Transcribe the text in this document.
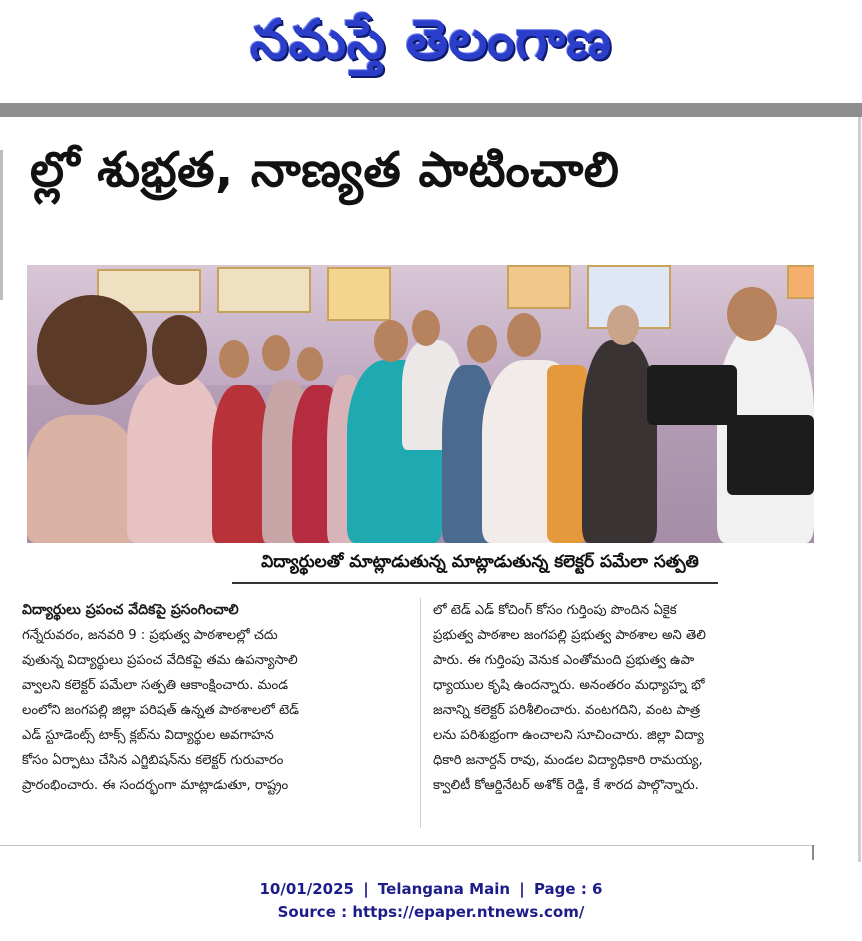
నమస్తే తెలంగాణ
ల్లో శుభ్రత, నాణ్యత పాటించాలి
విద్యార్థులతో మాట్లాడుతున్న మాట్లాడుతున్న కలెక్టర్‌ పమేలా సత్పతి
విద్యార్థులు ప్రపంచ వేదికపై ప్రసంగించాలి
గన్నేరువరం, జనవరి 9 : ప్రభుత్వ పాఠశాలల్లో చదు
వుతున్న విద్యార్థులు ప్రపంచ వేదికపై తమ ఉపన్యాసాలి
వ్వాలని కలెక్టర్‌ పమేలా సత్పతి ఆకాంక్షించారు. మండ
లంలోని జంగపల్లి జిల్లా పరిషత్‌ ఉన్నత పాఠశాలలో టెడ్‌
ఎడ్‌ స్టూడెంట్స్‌ టాక్స్‌ క్లబ్‌ను విద్యార్థుల అవగాహన
కోసం ఏర్పాటు చేసిన ఎగ్జిబిషన్‌ను కలెక్టర్‌ గురువారం
ప్రారంభించారు. ఈ సందర్భంగా మాట్లాడుతూ, రాష్ట్రం
లో టెడ్‌ ఎడ్‌ కోచింగ్‌ కోసం గుర్తింపు పొందిన ఏకైక
ప్రభుత్వ పాఠశాల జంగపల్లి ప్రభుత్వ పాఠశాల అని తెలి
పారు. ఈ గుర్తింపు వెనుక ఎంతోమంది ప్రభుత్వ ఉపా
ధ్యాయుల కృషి ఉందన్నారు. అనంతరం మధ్యాహ్న భో
జనాన్ని కలెక్టర్‌ పరిశీలించారు. వంటగదిని, వంట పాత్ర
లను పరిశుభ్రంగా ఉంచాలని సూచించారు. జిల్లా విద్యా
ధికారి జనార్దన్‌ రావు, మండల విద్యాధికారి రామయ్య,
క్వాలిటీ కోఆర్డినేటర్‌ అశోక్‌ రెడ్డి, కే శారద పాల్గొన్నారు.
10/01/2025 | Telangana Main | Page : 6
Source : https://epaper.ntnews.com/
